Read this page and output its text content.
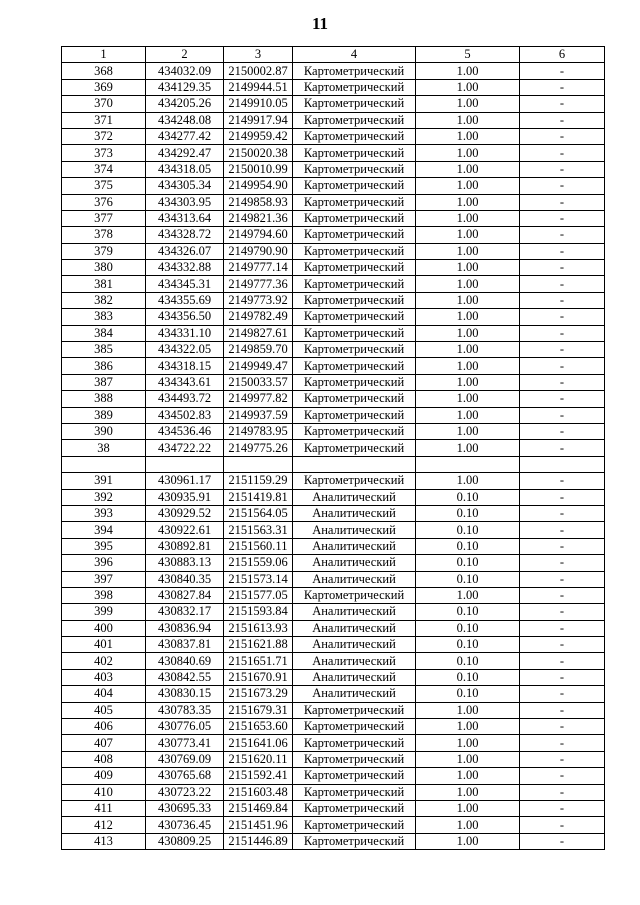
11
1	2	3	4	5	6
368	434032.09	2150002.87	Картометрический	1.00	-
369	434129.35	2149944.51	Картометрический	1.00	-
370	434205.26	2149910.05	Картометрический	1.00	-
371	434248.08	2149917.94	Картометрический	1.00	-
372	434277.42	2149959.42	Картометрический	1.00	-
373	434292.47	2150020.38	Картометрический	1.00	-
374	434318.05	2150010.99	Картометрический	1.00	-
375	434305.34	2149954.90	Картометрический	1.00	-
376	434303.95	2149858.93	Картометрический	1.00	-
377	434313.64	2149821.36	Картометрический	1.00	-
378	434328.72	2149794.60	Картометрический	1.00	-
379	434326.07	2149790.90	Картометрический	1.00	-
380	434332.88	2149777.14	Картометрический	1.00	-
381	434345.31	2149777.36	Картометрический	1.00	-
382	434355.69	2149773.92	Картометрический	1.00	-
383	434356.50	2149782.49	Картометрический	1.00	-
384	434331.10	2149827.61	Картометрический	1.00	-
385	434322.05	2149859.70	Картометрический	1.00	-
386	434318.15	2149949.47	Картометрический	1.00	-
387	434343.61	2150033.57	Картометрический	1.00	-
388	434493.72	2149977.82	Картометрический	1.00	-
389	434502.83	2149937.59	Картометрический	1.00	-
390	434536.46	2149783.95	Картометрический	1.00	-
38	434722.22	2149775.26	Картометрический	1.00	-

391	430961.17	2151159.29	Картометрический	1.00	-
392	430935.91	2151419.81	Аналитический	0.10	-
393	430929.52	2151564.05	Аналитический	0.10	-
394	430922.61	2151563.31	Аналитический	0.10	-
395	430892.81	2151560.11	Аналитический	0.10	-
396	430883.13	2151559.06	Аналитический	0.10	-
397	430840.35	2151573.14	Аналитический	0.10	-
398	430827.84	2151577.05	Картометрический	1.00	-
399	430832.17	2151593.84	Аналитический	0.10	-
400	430836.94	2151613.93	Аналитический	0.10	-
401	430837.81	2151621.88	Аналитический	0.10	-
402	430840.69	2151651.71	Аналитический	0.10	-
403	430842.55	2151670.91	Аналитический	0.10	-
404	430830.15	2151673.29	Аналитический	0.10	-
405	430783.35	2151679.31	Картометрический	1.00	-
406	430776.05	2151653.60	Картометрический	1.00	-
407	430773.41	2151641.06	Картометрический	1.00	-
408	430769.09	2151620.11	Картометрический	1.00	-
409	430765.68	2151592.41	Картометрический	1.00	-
410	430723.22	2151603.48	Картометрический	1.00	-
411	430695.33	2151469.84	Картометрический	1.00	-
412	430736.45	2151451.96	Картометрический	1.00	-
413	430809.25	2151446.89	Картометрический	1.00	-
